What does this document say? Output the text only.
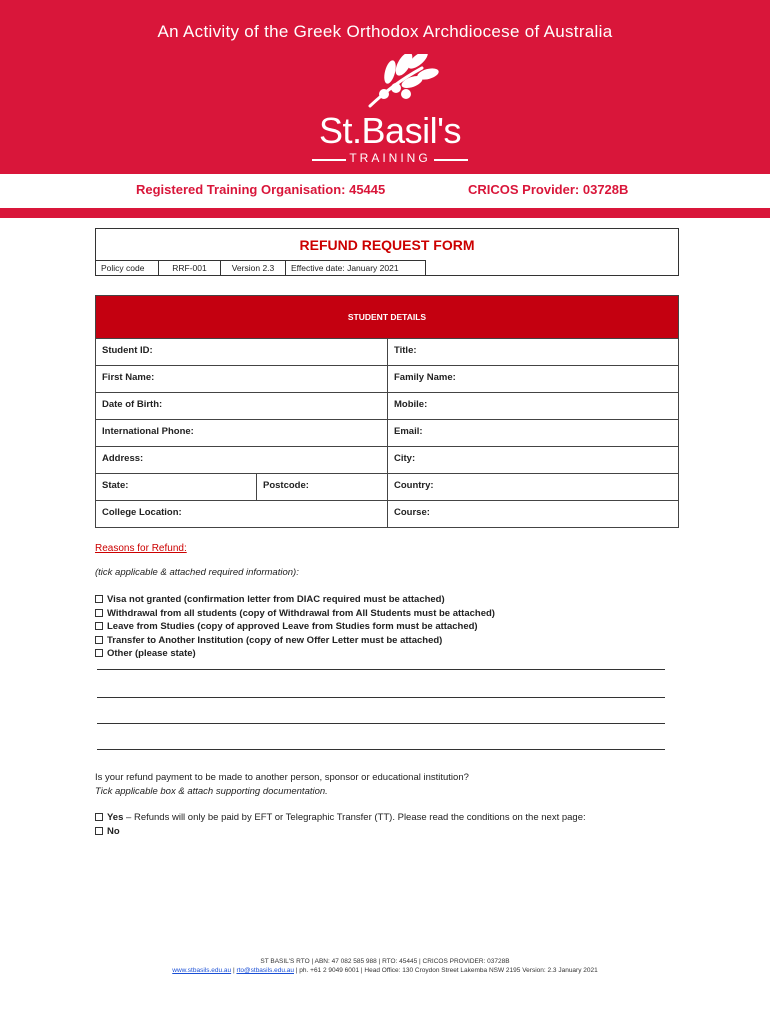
An Activity of the Greek Orthodox Archdiocese of Australia
St.Basil's
TRAINING
Registered Training Organisation: 45445	CRICOS Provider: 03728B
REFUND REQUEST FORM
Policy code	RRF-001	Version 2.3	Effective date: January 2021
STUDENT DETAILS
Student ID:	Title:
First Name:	Family Name:
Date of Birth:	Mobile:
International Phone:	Email:
Address:	City:
State:	Postcode:	Country:
College Location:	Course:
Reasons for Refund:
(tick applicable & attached required information):
Visa not granted (confirmation letter from DIAC required must be attached)
Withdrawal from all students (copy of Withdrawal from All Students must be attached)
Leave from Studies (copy of approved Leave from Studies form must be attached)
Transfer to Another Institution (copy of new Offer Letter must be attached)
Other (please state)
Is your refund payment to be made to another person, sponsor or educational institution?
Tick applicable box & attach supporting documentation.
Yes – Refunds will only be paid by EFT or Telegraphic Transfer (TT). Please read the conditions on the next page:
No
ST BASIL'S RTO | ABN: 47 082 585 988 | RTO: 45445 | CRICOS PROVIDER: 03728B
www.stbasils.edu.au | rto@stbasils.edu.au | ph. +61 2 9049 6001 | Head Office: 130 Croydon Street Lakemba NSW 2195 Version: 2.3 January 2021
